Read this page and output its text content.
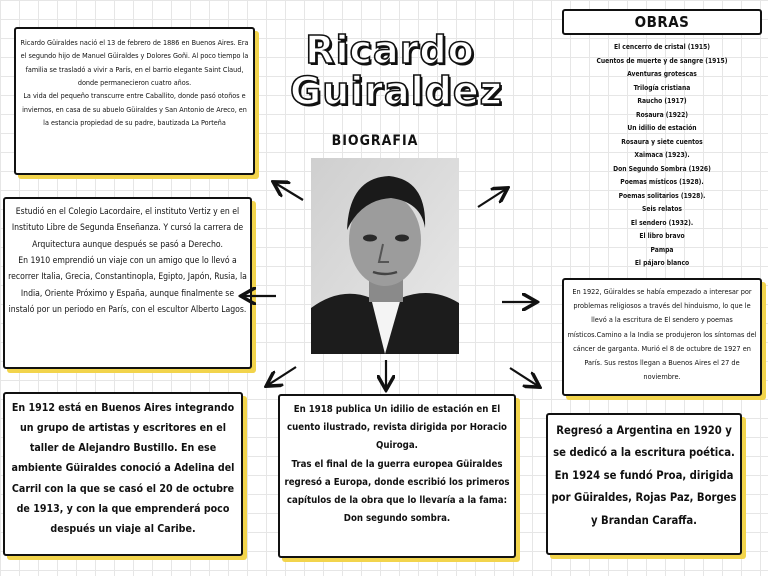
Ricardo
Guiraldez
BIOGRAFIA

Ricardo Güiraldes nació el 13 de febrero de 1886 en Buenos Aires. Era el segundo hijo de Manuel Güiraldes y Dolores Goñi. Al poco tiempo la familia se trasladó a vivir a París, en el barrio elegante Saint Claud, donde permanecieron cuatro años.

La vida del pequeño transcurre entre Caballito, donde pasó otoños e inviernos, en casa de su abuelo Güiraldes y San Antonio de Areco, en la estancia propiedad de su padre, bautizada La Porteña

Estudió en el Colegio Lacordaire, el instituto Vertiz y en el Instituto Libre de Segunda Enseñanza. Y cursó la carrera de Arquitectura aunque después se pasó a Derecho.

En 1910 emprendió un viaje con un amigo que lo llevó a recorrer Italia, Grecia, Constantinopla, Egipto, Japón, Rusia, la India, Oriente Próximo y España, aunque finalmente se instaló por un periodo en París, con el escultor Alberto Lagos.

En 1912 está en Buenos Aires integrando un grupo de artistas y escritores en el taller de Alejandro Bustillo. En ese ambiente Güiraldes conoció a Adelina del Carril con la que se casó el 20 de octubre de 1913, y con la que emprenderá poco después un viaje al Caribe.

En 1918 publica Un idilio de estación en El cuento ilustrado, revista dirigida por Horacio Quiroga.

Tras el final de la guerra europea Güiraldes regresó a Europa, donde escribió los primeros capítulos de la obra que lo llevaría a la fama: Don segundo sombra.

Regresó a Argentina en 1920 y se dedicó a la escritura poética. En 1924 se fundó Proa, dirigida por Güiraldes, Rojas Paz, Borges y Brandan Caraffa.

En 1922, Güiraldes se había empezado a interesar por problemas religiosos a través del hinduismo, lo que le llevó a la escritura de El sendero y poemas místicos.Camino a la India se produjeron los síntomas del cáncer de garganta. Murió el 8 de octubre de 1927 en París. Sus restos llegan a Buenos Aires el 27 de noviembre.

OBRAS
El cencerro de cristal (1915)
Cuentos de muerte y de sangre (1915)
Aventuras grotescas
Trilogía cristiana
Raucho (1917)
Rosaura (1922)
Un idilio de estación
Rosaura y siete cuentos
Xaimaca (1923).
Don Segundo Sombra (1926)
Poemas místicos (1928).
Poemas solitarios (1928).
Seis relatos
El sendero (1932).
El libro bravo
Pampa
El pájaro blanco
